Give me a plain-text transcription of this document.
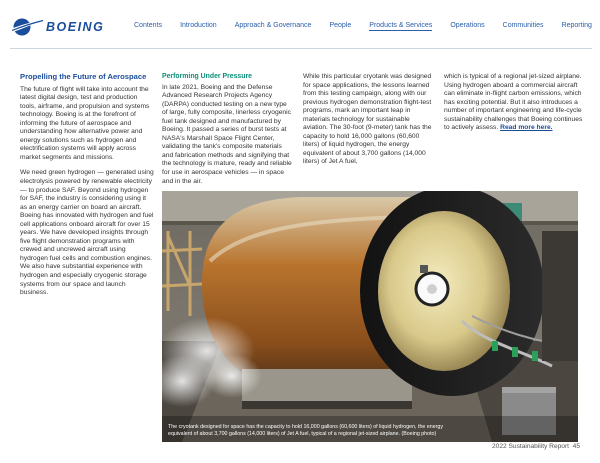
BOEING	Contents	Introduction	Approach & Governance	People	Products & Services	Operations	Communities	Reporting
Propelling the Future of Aerospace

The future of flight will take into account the latest digital design, test and production tools, airframe, and propulsion and systems technology. Boeing is at the forefront of informing the future of aerospace and understanding how alternative power and energy solutions such as hydrogen and electrification systems will apply across market segments and missions.

We need green hydrogen — generated using electrolysis powered by renewable electricity — to produce SAF. Beyond using hydrogen for SAF, the industry is considering using it as an energy carrier on board an aircraft. Boeing has innovated with hydrogen and fuel cell applications onboard aircraft for over 15 years. We have developed insights through five flight demonstration programs with crewed and uncrewed aircraft using hydrogen fuel cells and combustion engines. We also have substantial experience with hydrogen and especially cryogenic storage systems from our space and launch business.

Performing Under Pressure

In late 2021, Boeing and the Defense Advanced Research Projects Agency (DARPA) conducted testing on a new type of large, fully composite, linerless cryogenic fuel tank designed and manufactured by Boeing. It passed a series of burst tests at NASA's Marshall Space Flight Center, validating the tank's composite materials and fabrication methods and signifying that the technology is mature, ready and reliable for use in aerospace vehicles — in space and in the air.

While this particular cryotank was designed for space applications, the lessons learned from this testing campaign, along with our previous hydrogen demonstration flight-test programs, mark an important leap in materials technology for sustainable aviation. The 30-foot (9-meter) tank has the capacity to hold 16,000 gallons (60,600 liters) of liquid hydrogen, the energy equivalent of about 3,700 gallons (14,000 liters) of Jet A fuel,

which is typical of a regional jet-sized airplane. Using hydrogen aboard a commercial aircraft can eliminate in-flight carbon emissions, which has exciting potential. But it also introduces a number of important engineering and life-cycle sustainability challenges that Boeing continues to actively assess. Read more here.

The cryotank designed for space has the capacity to hold 16,000 gallons (60,600 liters) of liquid hydrogen, the energy equivalent of about 3,700 gallons (14,000 liters) of Jet A fuel, typical of a regional jet-sized airplane. (Boeing photo)
2022 Sustainability Report 45
